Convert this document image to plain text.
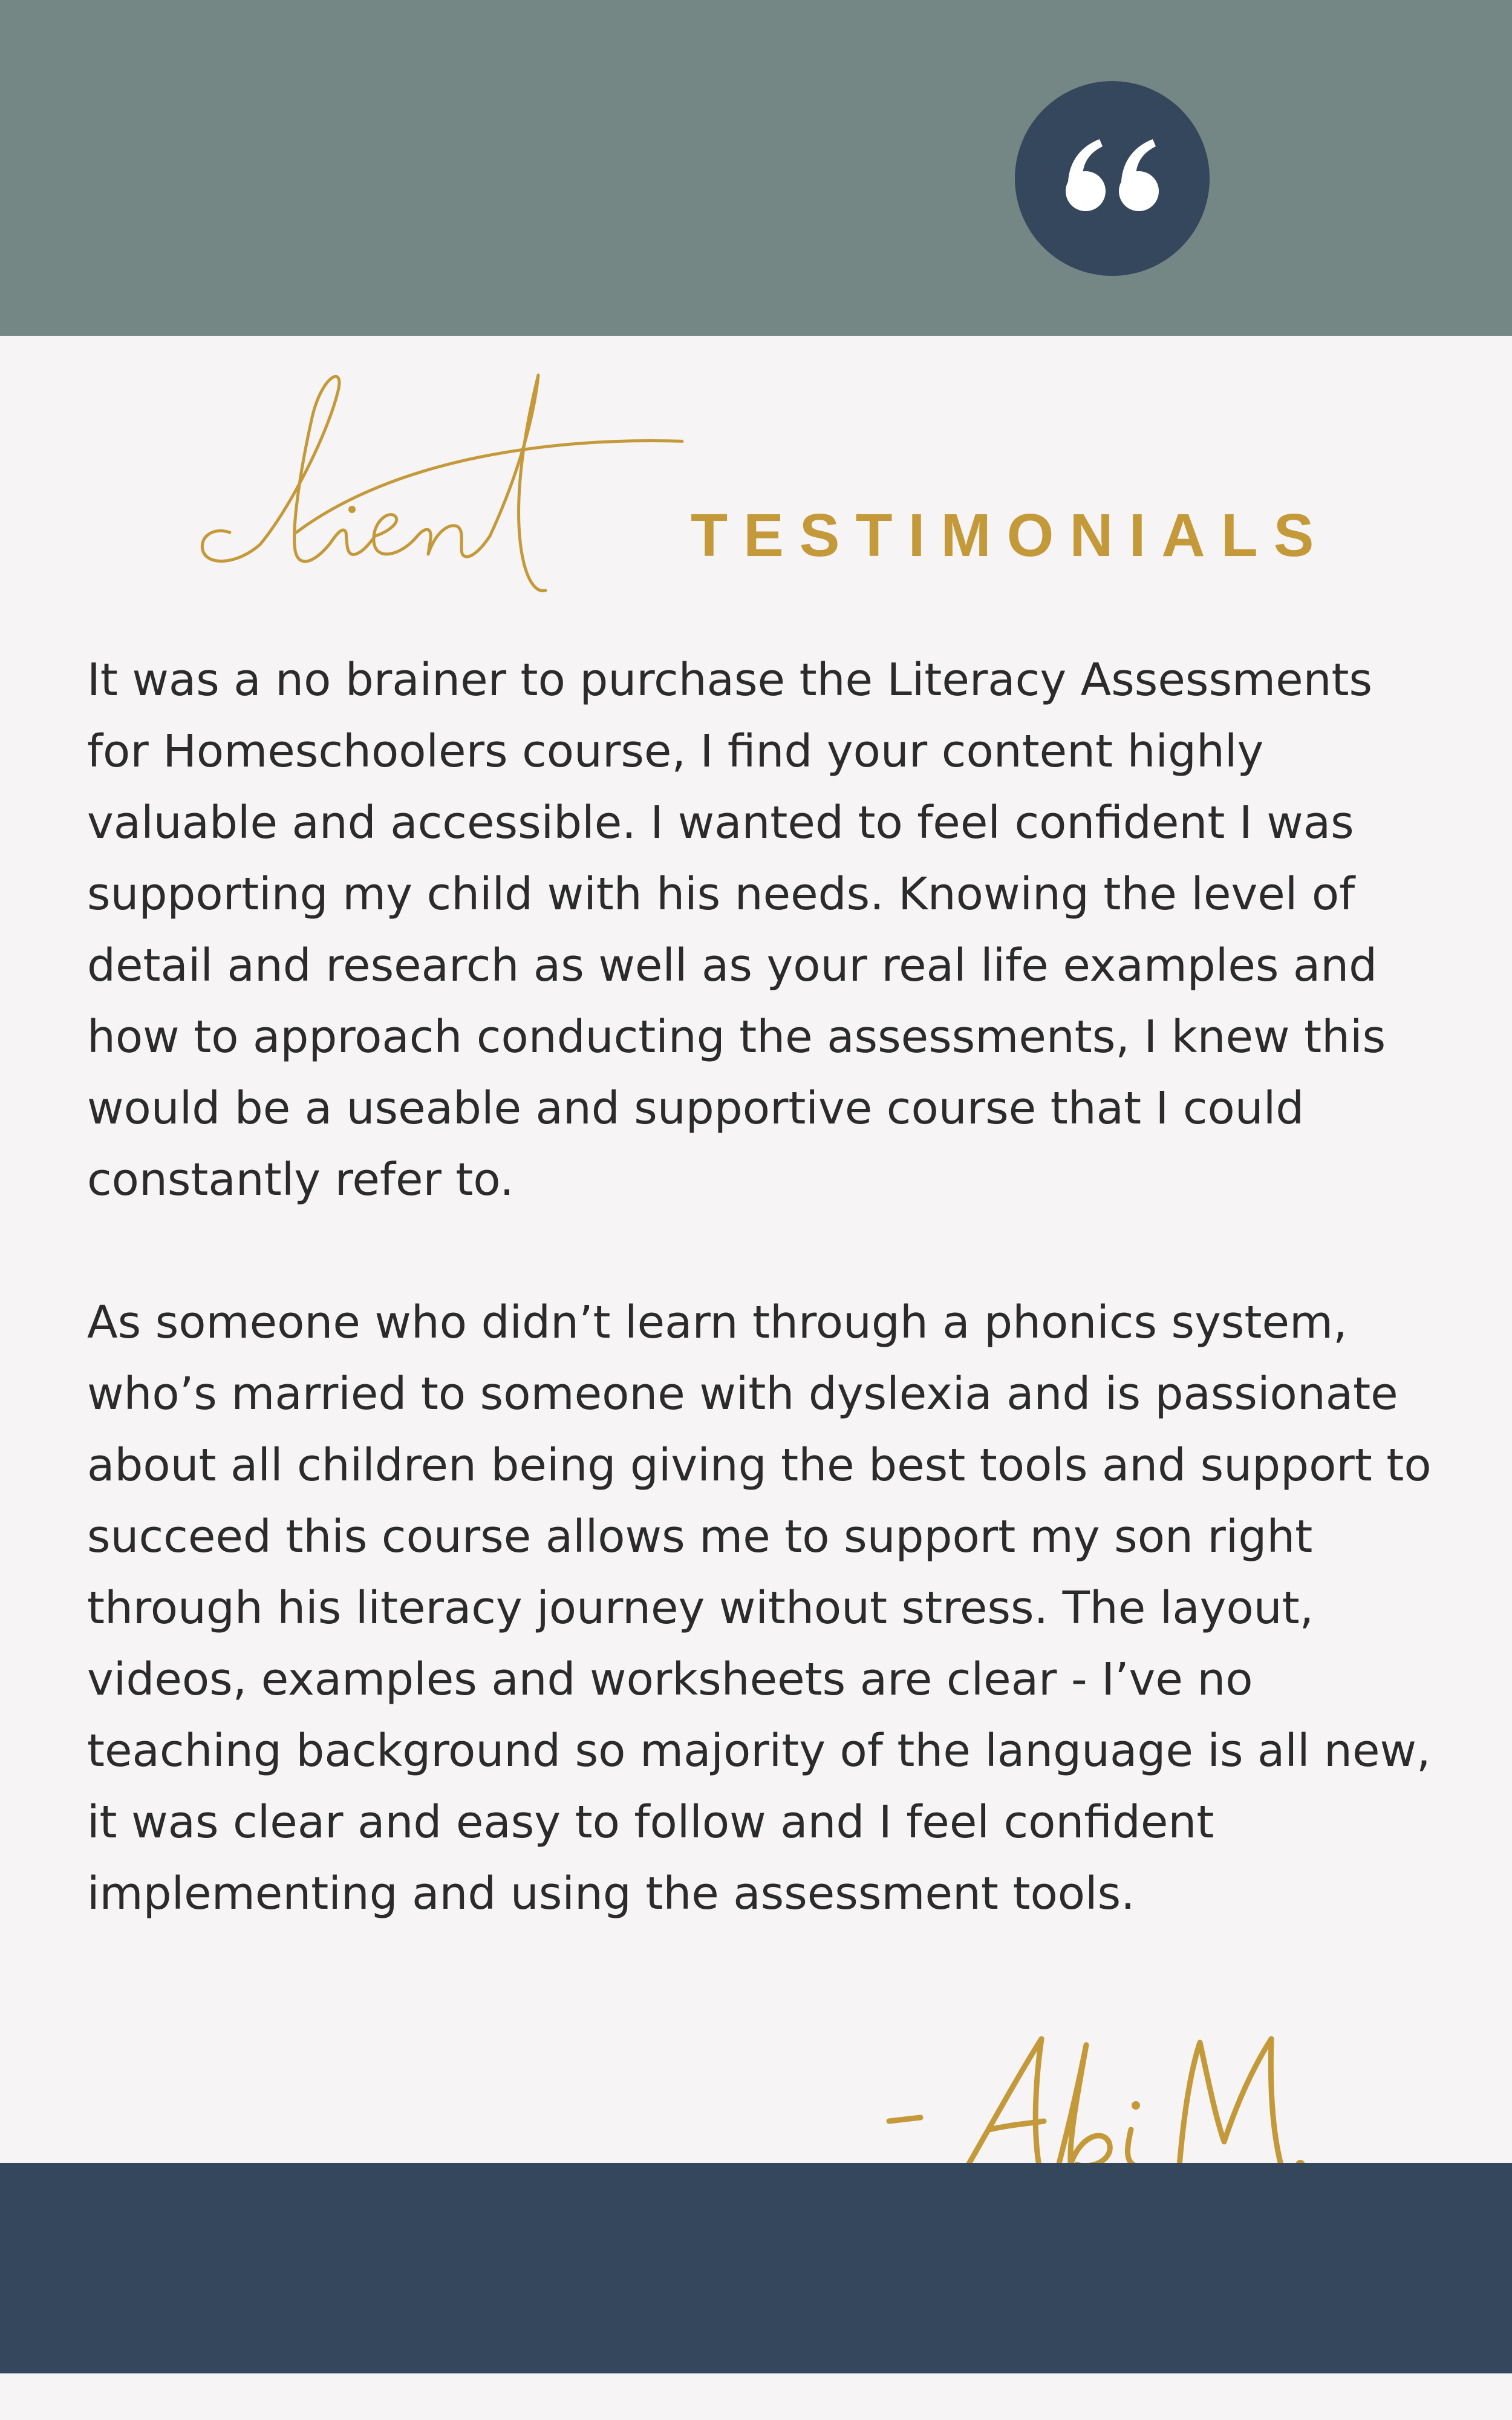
TESTIMONIALS

It was a no brainer to purchase the Literacy Assessments for Homeschoolers course, I find your content highly valuable and accessible. I wanted to feel confident I was supporting my child with his needs. Knowing the level of detail and research as well as your real life examples and how to approach conducting the assessments, I knew this would be a useable and supportive course that I could constantly refer to.

As someone who didn’t learn through a phonics system, who’s married to someone with dyslexia and is passionate about all children being giving the best tools and support to succeed this course allows me to support my son right through his literacy journey without stress. The layout, videos, examples and worksheets are clear - I’ve no teaching background so majority of the language is all new, it was clear and easy to follow and I feel confident implementing and using the assessment tools.
